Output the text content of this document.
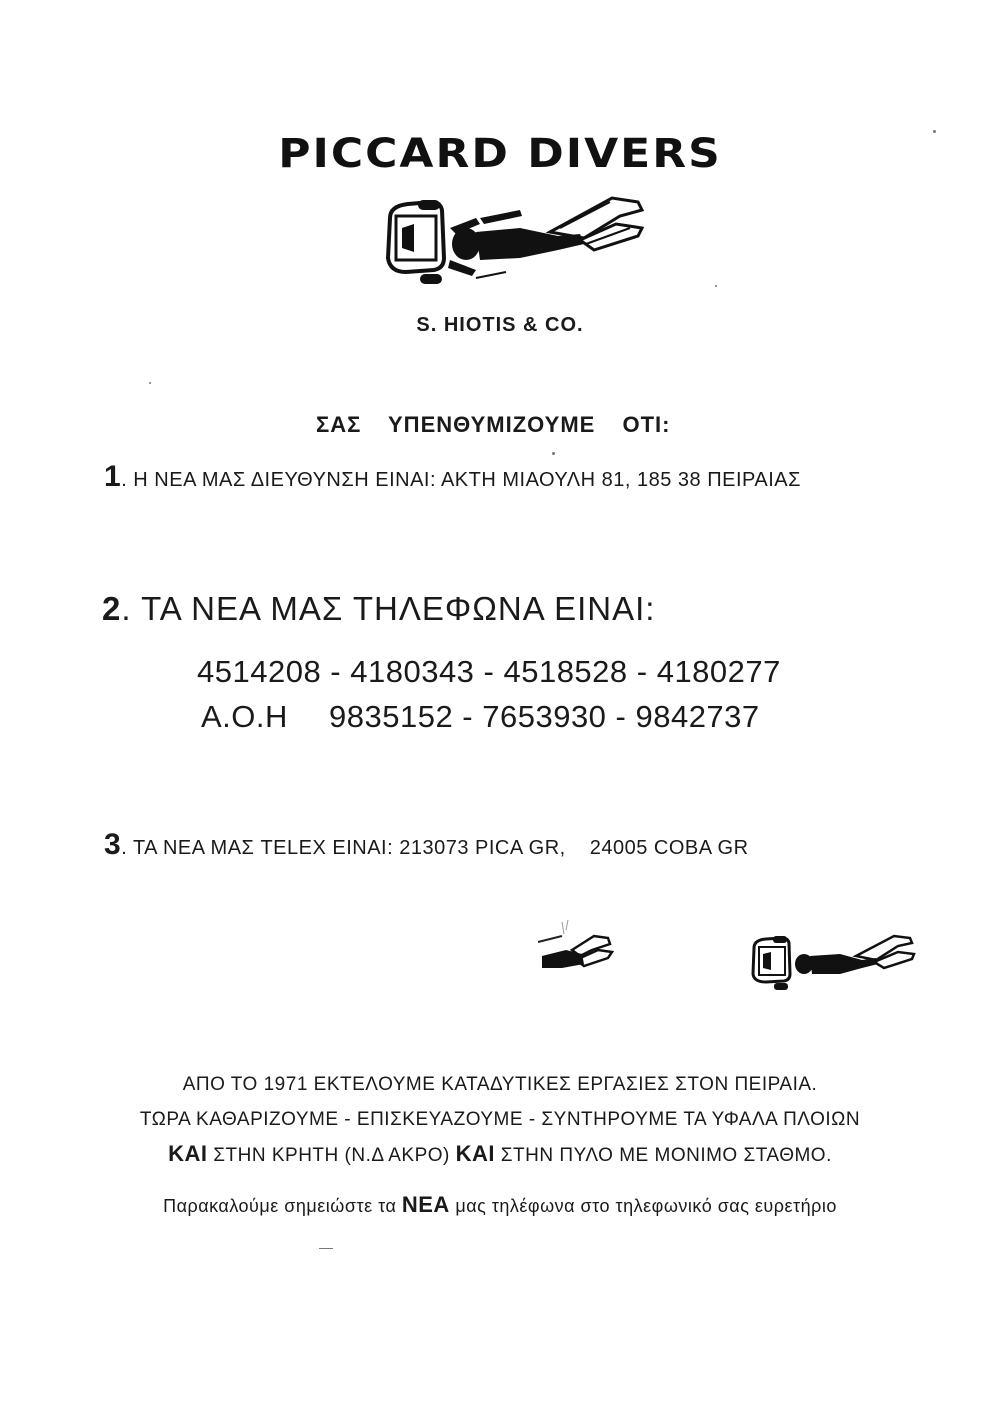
PICCARD DIVERS
S. HIOTIS & CO.
ΣΑΣ ΥΠΕΝΘΥΜΙΖΟΥΜΕ ΟΤΙ:
1. Η ΝΕΑ ΜΑΣ ΔΙΕΥΘΥΝΣΗ ΕΙΝΑΙ: ΑΚΤΗ ΜΙΑΟΥΛΗ 81, 185 38 ΠΕΙΡΑΙΑΣ
2. ΤΑ ΝΕΑ ΜΑΣ ΤΗΛΕΦΩΝΑ ΕΙΝΑΙ:
4514208 - 4180343 - 4518528 - 4180277
Α.Ο.Η 9835152 - 7653930 - 9842737
3. ΤΑ ΝΕΑ ΜΑΣ TELEX ΕΙΝΑΙ: 213073 PICA GR, 24005 COBA GR
ΑΠΟ ΤΟ 1971 ΕΚΤΕΛΟΥΜΕ ΚΑΤΑΔΥΤΙΚΕΣ ΕΡΓΑΣΙΕΣ ΣΤΟΝ ΠΕΙΡΑΙΑ.
ΤΩΡΑ ΚΑΘΑΡΙΖΟΥΜΕ - ΕΠΙΣΚΕΥΑΖΟΥΜΕ - ΣΥΝΤΗΡΟΥΜΕ ΤΑ ΥΦΑΛΑ ΠΛΟΙΩΝ
ΚΑΙ ΣΤΗΝ ΚΡΗΤΗ (Ν.Δ ΑΚΡΟ) ΚΑΙ ΣΤΗΝ ΠΥΛΟ ΜΕ ΜΟΝΙΜΟ ΣΤΑΘΜΟ.
Παρακαλούμε σημειώστε τα ΝΕΑ μας τηλέφωνα στο τηλεφωνικό σας ευρετήριο
